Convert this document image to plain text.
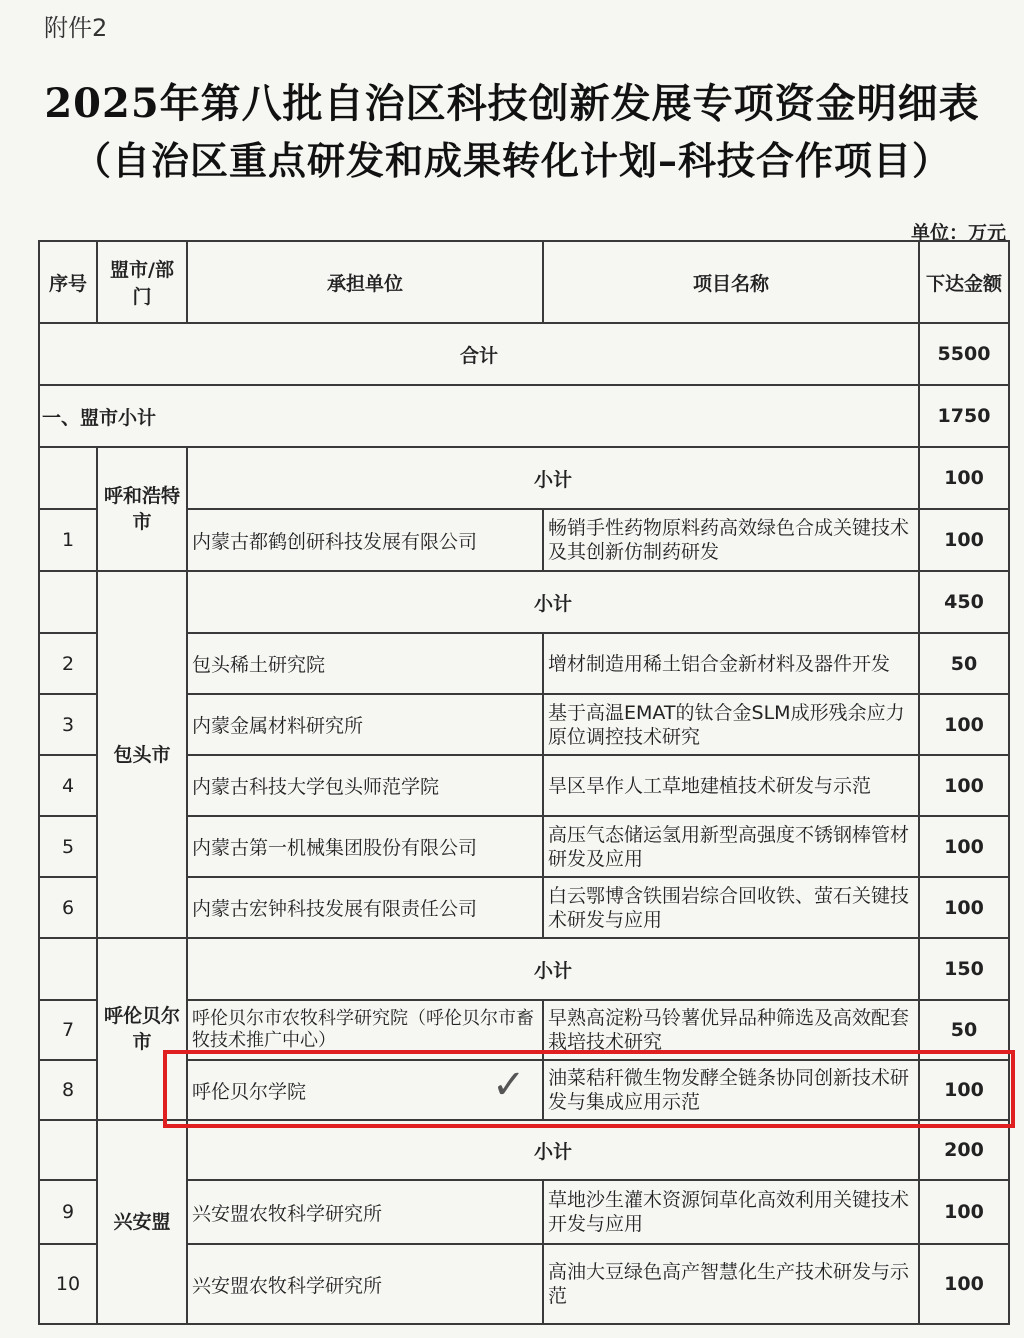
附件2
2025年第八批自治区科技创新发展专项资金明细表
（自治区重点研发和成果转化计划–科技合作项目）
单位：万元
序号	盟市/部门	承担单位	项目名称	下达金额
合计				5500
一、盟市小计				1750
	呼和浩特市	小计		100
1		内蒙古都鹤创研科技发展有限公司	畅销手性药物原料药高效绿色合成关键技术及其创新仿制药研发	100
	包头市	小计		450
2		包头稀土研究院	增材制造用稀土铝合金新材料及器件开发	50
3		内蒙金属材料研究所	基于高温EMAT的钛合金SLM成形残余应力原位调控技术研究	100
4		内蒙古科技大学包头师范学院	旱区旱作人工草地建植技术研发与示范	100
5		内蒙古第一机械集团股份有限公司	高压气态储运氢用新型高强度不锈钢棒管材研发及应用	100
6		内蒙古宏钟科技发展有限责任公司	白云鄂博含铁围岩综合回收铁、萤石关键技术研发与应用	100
	呼伦贝尔市	小计		150
7		呼伦贝尔市农牧科学研究院（呼伦贝尔市畜牧技术推广中心）	早熟高淀粉马铃薯优异品种筛选及高效配套栽培技术研究	50
8		呼伦贝尔学院	油菜秸秆微生物发酵全链条协同创新技术研发与集成应用示范	100
	兴安盟	小计		200
9		兴安盟农牧科学研究所	草地沙生灌木资源饲草化高效利用关键技术开发与应用	100
10		兴安盟农牧科学研究所	高油大豆绿色高产智慧化生产技术研发与示范	100
✓
